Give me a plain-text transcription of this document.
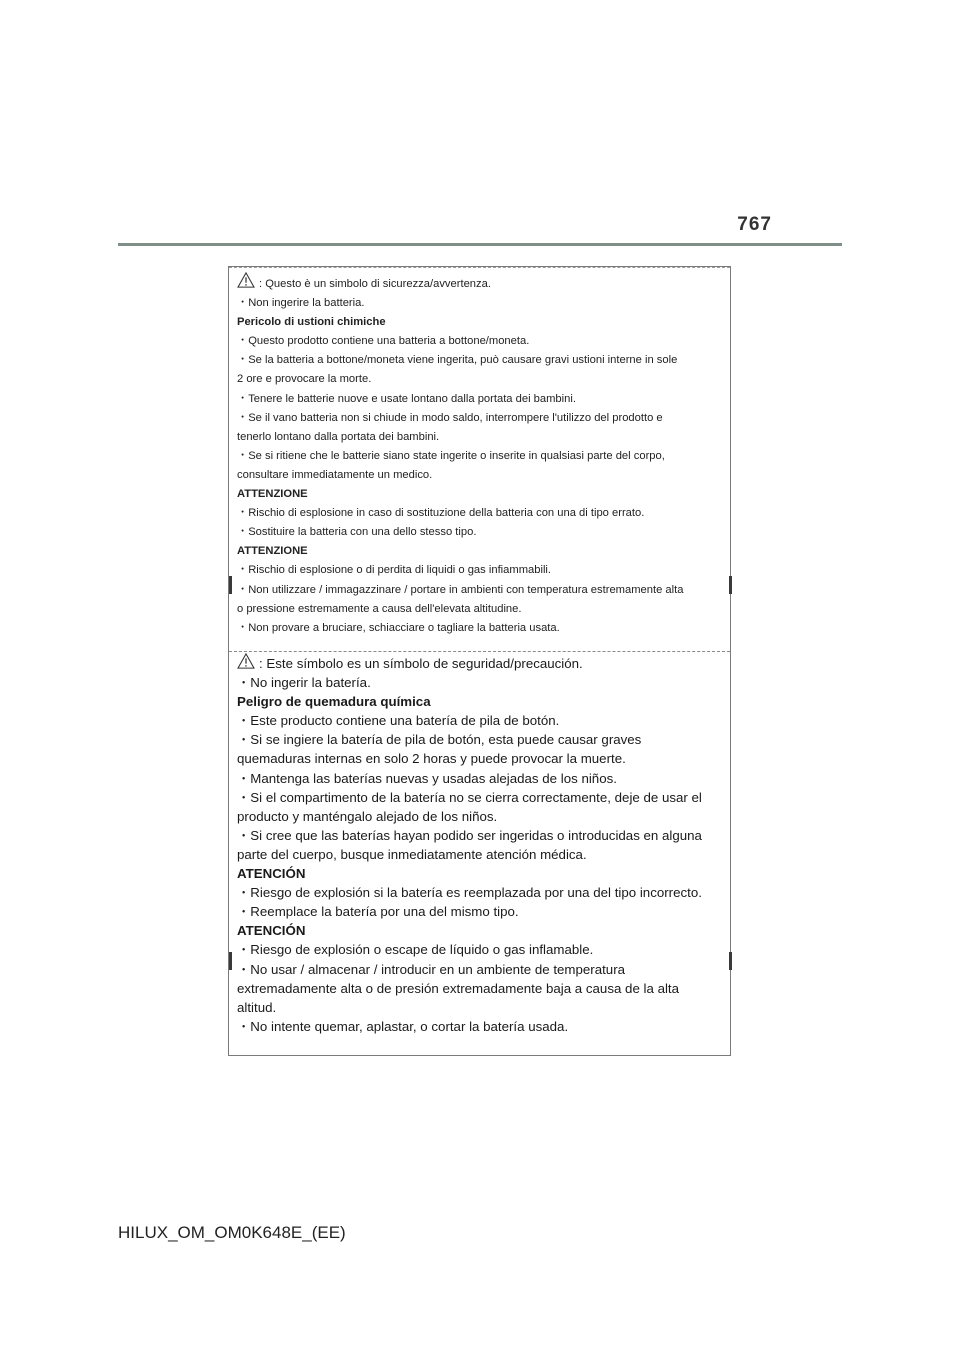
767
: Questo è un simbolo di sicurezza/avvertenza.
・Non ingerire la batteria.
Pericolo di ustioni chimiche
・Questo prodotto contiene una batteria a bottone/moneta.
・Se la batteria a bottone/moneta viene ingerita, può causare gravi ustioni interne in sole
2 ore e provocare la morte.
・Tenere le batterie nuove e usate lontano dalla portata dei bambini.
・Se il vano batteria non si chiude in modo saldo, interrompere l'utilizzo del prodotto e
tenerlo lontano dalla portata dei bambini.
・Se si ritiene che le batterie siano state ingerite o inserite in qualsiasi parte del corpo,
consultare immediatamente un medico.
ATTENZIONE
・Rischio di esplosione in caso di sostituzione della batteria con una di tipo errato.
・Sostituire la batteria con una dello stesso tipo.
ATTENZIONE
・Rischio di esplosione o di perdita di liquidi o gas infiammabili.
・Non utilizzare / immagazzinare / portare in ambienti con temperatura estremamente alta
o pressione estremamente a causa dell'elevata altitudine.
・Non provare a bruciare, schiacciare o tagliare la batteria usata.
: Este símbolo es un símbolo de seguridad/precaución.
・No ingerir la batería.
Peligro de quemadura química
・Este producto contiene una batería de pila de botón.
・Si se ingiere la batería de pila de botón, esta puede causar graves
quemaduras internas en solo 2 horas y puede provocar la muerte.
・Mantenga las baterías nuevas y usadas alejadas de los niños.
・Si el compartimento de la batería no se cierra correctamente, deje de usar el
producto y manténgalo alejado de los niños.
・Si cree que las baterías hayan podido ser ingeridas o introducidas en alguna
parte del cuerpo, busque inmediatamente atención médica.
ATENCIÓN
・Riesgo de explosión si la batería es reemplazada por una del tipo incorrecto.
・Reemplace la batería por una del mismo tipo.
ATENCIÓN
・Riesgo de explosión o escape de líquido o gas inflamable.
・No usar / almacenar / introducir en un ambiente de temperatura
extremadamente alta o de presión extremadamente baja a causa de la alta
altitud.
・No intente quemar, aplastar, o cortar la batería usada.
HILUX_OM_OM0K648E_(EE)
